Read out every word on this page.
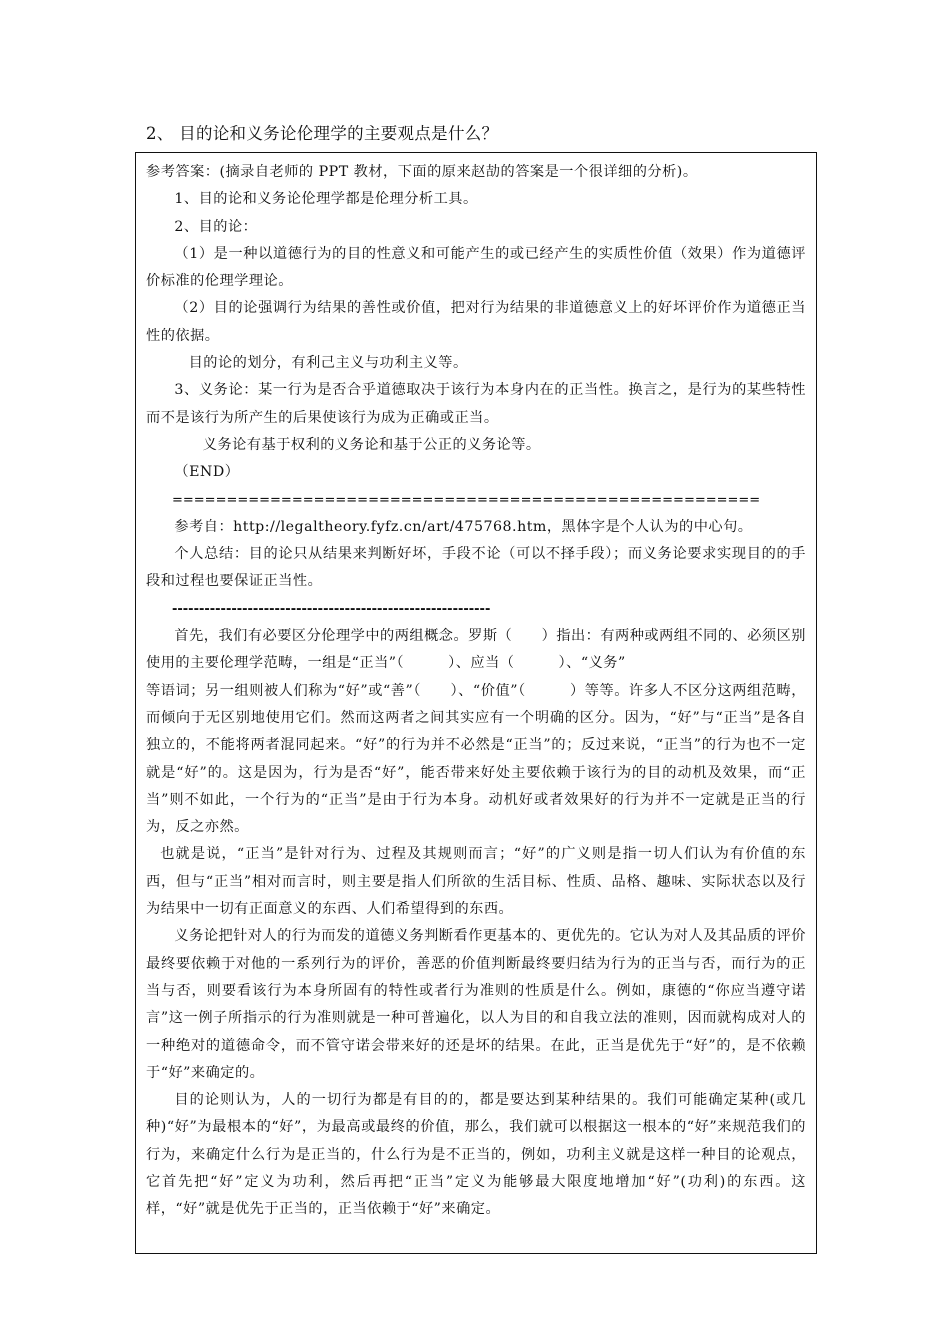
2、 目的论和义务论伦理学的主要观点是什么？

参考答案：(摘录自老师的 PPT 教材，下面的原来赵劼的答案是一个很详细的分析)。

1、目的论和义务论伦理学都是伦理分析工具。

2、目的论：

（1）是一种以道德行为的目的性意义和可能产生的或已经产生的实质性价值（效果）作为道德评价标准的伦理学理论。

（2）目的论强调行为结果的善性或价值，把对行为结果的非道德意义上的好坏评价作为道德正当性的依据。

目的论的划分，有利己主义与功利主义等。

3、义务论：某一行为是否合乎道德取决于该行为本身内在的正当性。换言之，是行为的某些特性而不是该行为所产生的后果使该行为成为正确或正当。

义务论有基于权利的义务论和基于公正的义务论等。

（END）

======================================================

参考自：http://legaltheory.fyfz.cn/art/475768.htm，黑体字是个人认为的中心句。

个人总结：目的论只从结果来判断好坏，手段不论（可以不择手段）；而义务论要求实现目的的手段和过程也要保证正当性。

-----------------------------------------------------------

首先，我们有必要区分伦理学中的两组概念。罗斯（　　）指出：有两种或两组不同的、必须区别使用的主要伦理学范畴，一组是“正当”（　　　）、应当（　　　）、“义务”

等语词；另一组则被人们称为“好”或“善”（　　）、“价值”（　　　）等等。许多人不区分这两组范畴，而倾向于无区别地使用它们。然而这两者之间其实应有一个明确的区分。因为，“好”与“正当”是各自独立的，不能将两者混同起来。“好”的行为并不必然是“正当”的；反过来说，“正当”的行为也不一定就是“好”的。这是因为，行为是否“好”，能否带来好处主要依赖于该行为的目的动机及效果，而“正当”则不如此，一个行为的“正当”是由于行为本身。动机好或者效果好的行为并不一定就是正当的行为，反之亦然。

也就是说，“正当”是针对行为、过程及其规则而言；“好”的广义则是指一切人们认为有价值的东西，但与“正当”相对而言时，则主要是指人们所欲的生活目标、性质、品格、趣味、实际状态以及行为结果中一切有正面意义的东西、人们希望得到的东西。

义务论把针对人的行为而发的道德义务判断看作更基本的、更优先的。它认为对人及其品质的评价最终要依赖于对他的一系列行为的评价，善恶的价值判断最终要归结为行为的正当与否，而行为的正当与否，则要看该行为本身所固有的特性或者行为准则的性质是什么。例如，康德的“你应当遵守诺言”这一例子所指示的行为准则就是一种可普遍化，以人为目的和自我立法的准则，因而就构成对人的一种绝对的道德命令，而不管守诺会带来好的还是坏的结果。在此，正当是优先于“好”的，是不依赖于“好”来确定的。

目的论则认为，人的一切行为都是有目的的，都是要达到某种结果的。我们可能确定某种(或几种)“好”为最根本的“好”，为最高或最终的价值，那么，我们就可以根据这一根本的“好”来规范我们的行为，来确定什么行为是正当的，什么行为是不正当的，例如，功利主义就是这样一种目的论观点，它首先把“好”定义为功利，然后再把“正当”定义为能够最大限度地增加“好”(功利)的东西。这样，“好”就是优先于正当的，正当依赖于“好”来确定。
